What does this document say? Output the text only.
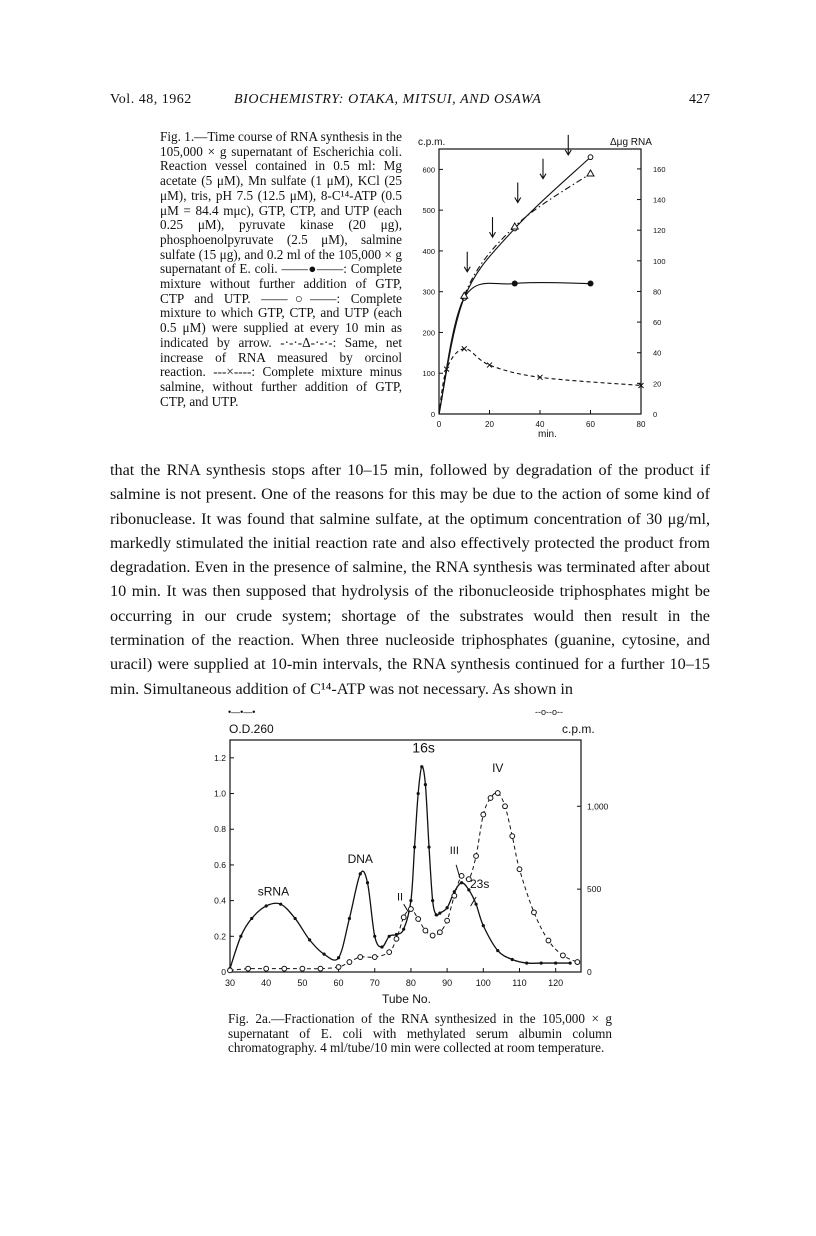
Vol. 48, 1962	BIOCHEMISTRY: OTAKA, MITSUI, AND OSAWA	427
Fig. 1.—Time course of RNA synthesis in the 105,000 × g supernatant of Escherichia coli. Reaction vessel contained in 0.5 ml: Mg acetate (5 μM), Mn sulfate (1 μM), KCl (25 μM), tris, pH 7.5 (12.5 μM), 8-C¹⁴-ATP (0.5 μM = 84.4 mμc), GTP, CTP, and UTP (each 0.25 μM), pyruvate kinase (20 μg), phosphoenolpyruvate (2.5 μM), salmine sulfate (15 μg), and 0.2 ml of the 105,000 × g supernatant of E. coli. ——●——: Complete mixture without further addition of GTP, CTP and UTP. ——○——: Complete mixture to which GTP, CTP, and UTP (each 0.5 μM) were supplied at every 10 min as indicated by arrow. -·-·-Δ-·-·-: Same, net increase of RNA measured by orcinol reaction. ---×----: Complete mixture minus salmine, without further addition of GTP, CTP, and UTP.
c.p.m.	Δμg RNA
min.
0	20	40	60	80
0
100
200
300
400
500
600
0
20
40
60
80
100
120
140
160
that the RNA synthesis stops after 10–15 min, followed by degradation of the product if salmine is not present. One of the reasons for this may be due to the action of some kind of ribonuclease. It was found that salmine sulfate, at the optimum concentration of 30 μg/ml, markedly stimulated the initial reaction rate and also effectively protected the product from degradation. Even in the presence of salmine, the RNA synthesis was terminated after about 10 min. It was then supposed that hydrolysis of the ribonucleoside triphosphates might be occurring in our crude system; shortage of the substrates would then result in the termination of the reaction. When three nucleoside triphosphates (guanine, cytosine, and uracil) were supplied at 10-min intervals, the RNA synthesis continued for a further 10–15 min. Simultaneous addition of C¹⁴-ATP was not necessary. As shown in
•—•—•	--o--o--
O.D.260	c.p.m.
Tube No.
30	40	50	60	70	80	90	100 110 120
0
0.2
0.4
0.6
0.8
1.0
1.2
0
500
1,000
sRNA
DNA
16s
23s
II
III
IV
Fig. 2a.—Fractionation of the RNA synthesized in the 105,000 × g supernatant of E. coli with methylated serum albumin column chromatography. 4 ml/tube/10 min were collected at room temperature.
